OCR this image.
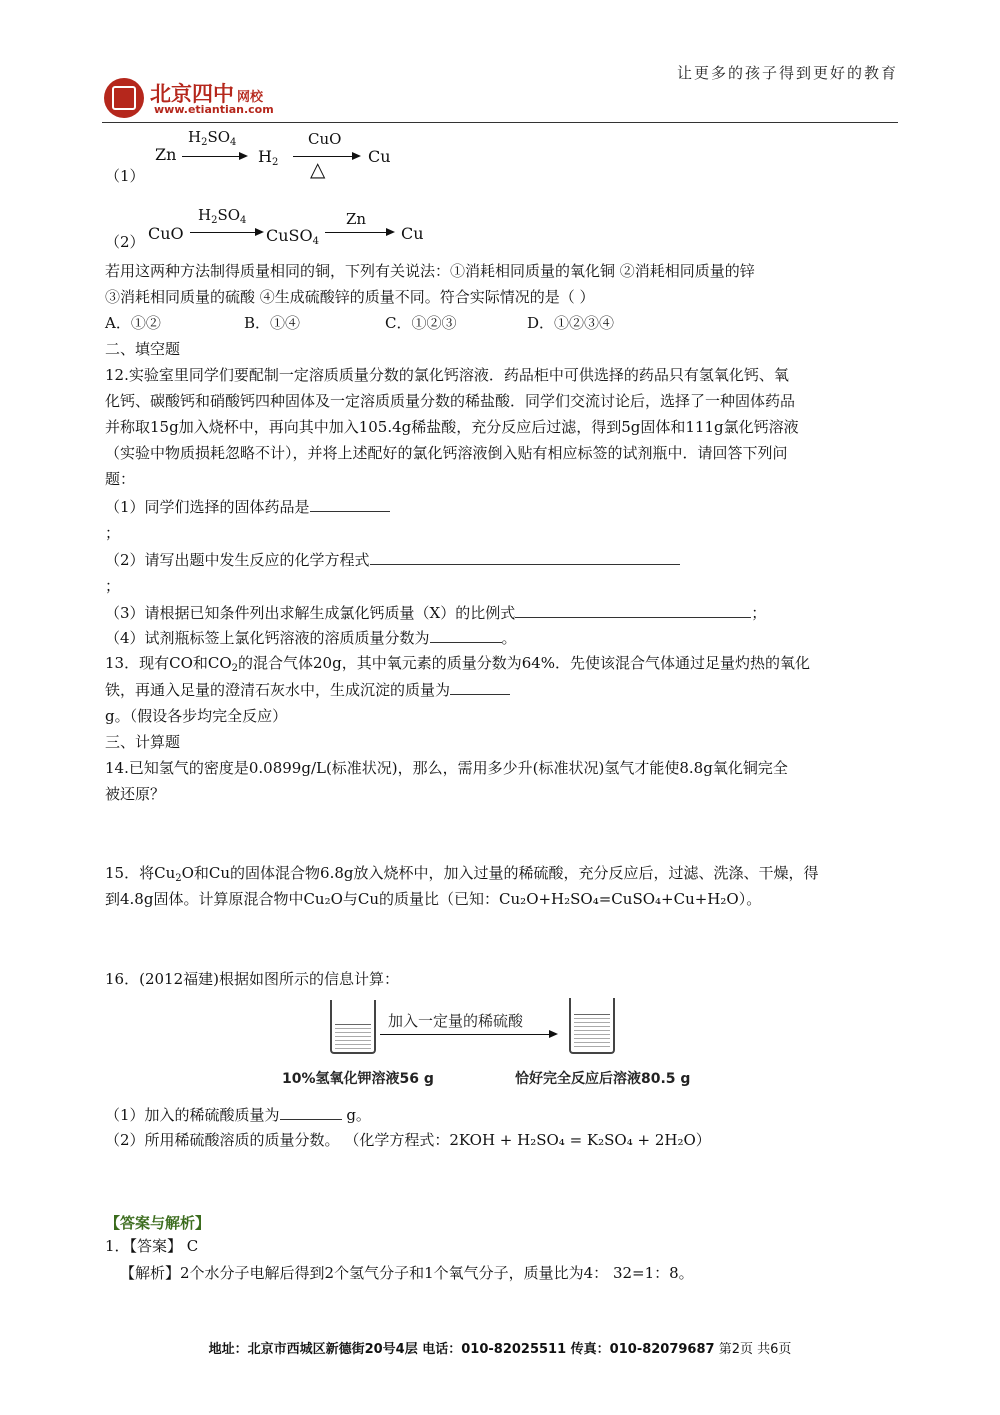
让更多的孩子得到更好的教育
北京四中 网校
www.etiantian.com
Zn
$H_2SO_4$
$H_2$
CuO
△
Cu
（1）
（2） CuO
$H_2SO_4$
CuSO$_4$
Zn
Cu
若用这两种方法制得质量相同的铜，下列有关说法：①消耗相同质量的氧化铜 ②消耗相同质量的锌
③消耗相同质量的硫酸 ④生成硫酸锌的质量不同。符合实际情况的是（ ）
A．①②	B．①④	C．①②③	D．①②③④
二、填空题
12.实验室里同学们要配制一定溶质质量分数的氯化钙溶液．药品柜中可供选择的药品只有氢氧化钙、氧
化钙、碳酸钙和硝酸钙四种固体及一定溶质质量分数的稀盐酸．同学们交流讨论后，选择了一种固体药品
并称取15g加入烧杯中，再向其中加入105.4g稀盐酸，充分反应后过滤，得到5g固体和111g氯化钙溶液
（实验中物质损耗忽略不计），并将上述配好的氯化钙溶液倒入贴有相应标签的试剂瓶中．请回答下列问
题：
（1）同学们选择的固体药品是
；
（2）请写出题中发生反应的化学方程式
；
（3）请根据已知条件列出求解生成氯化钙质量（X）的比例式	；
（4）试剂瓶标签上氯化钙溶液的溶质质量分数为	。
13．现有CO和$CO_2$的混合气体20g，其中氧元素的质量分数为64%．先使该混合气体通过足量灼热的氧化
铁，再通入足量的澄清石灰水中，生成沉淀的质量为
g。（假设各步均完全反应）
三、计算题
14.已知氢气的密度是0.0899g/L(标准状况)，那么，需用多少升(标准状况)氢气才能使8.8g氧化铜完全
被还原？
15．将$Cu_2O$和Cu的固体混合物6.8g放入烧杯中，加入过量的稀硫酸，充分反应后，过滤、洗涤、干燥，得
到4.8g固体。计算原混合物中Cu₂O与Cu的质量比（已知：Cu₂O+H₂SO₄=CuSO₄+Cu+H₂O）。
16．(2012福建)根据如图所示的信息计算：
加入一定量的稀硫酸
10%氢氧化钾溶液56 g	恰好完全反应后溶液80.5 g
（1）加入的稀硫酸质量为	g。
（2）所用稀硫酸溶质的质量分数。 （化学方程式：2KOH + H₂SO₄ = K₂SO₄ + 2H₂O）
【答案与解析】
1．【答案】 C
【解析】2个水分子电解后得到2个氢气分子和1个氧气分子，质量比为4： 32=1：8。
地址：北京市西城区新德街20号4层 电话：010-82025511 传真：010-82079687 第2页 共6页
